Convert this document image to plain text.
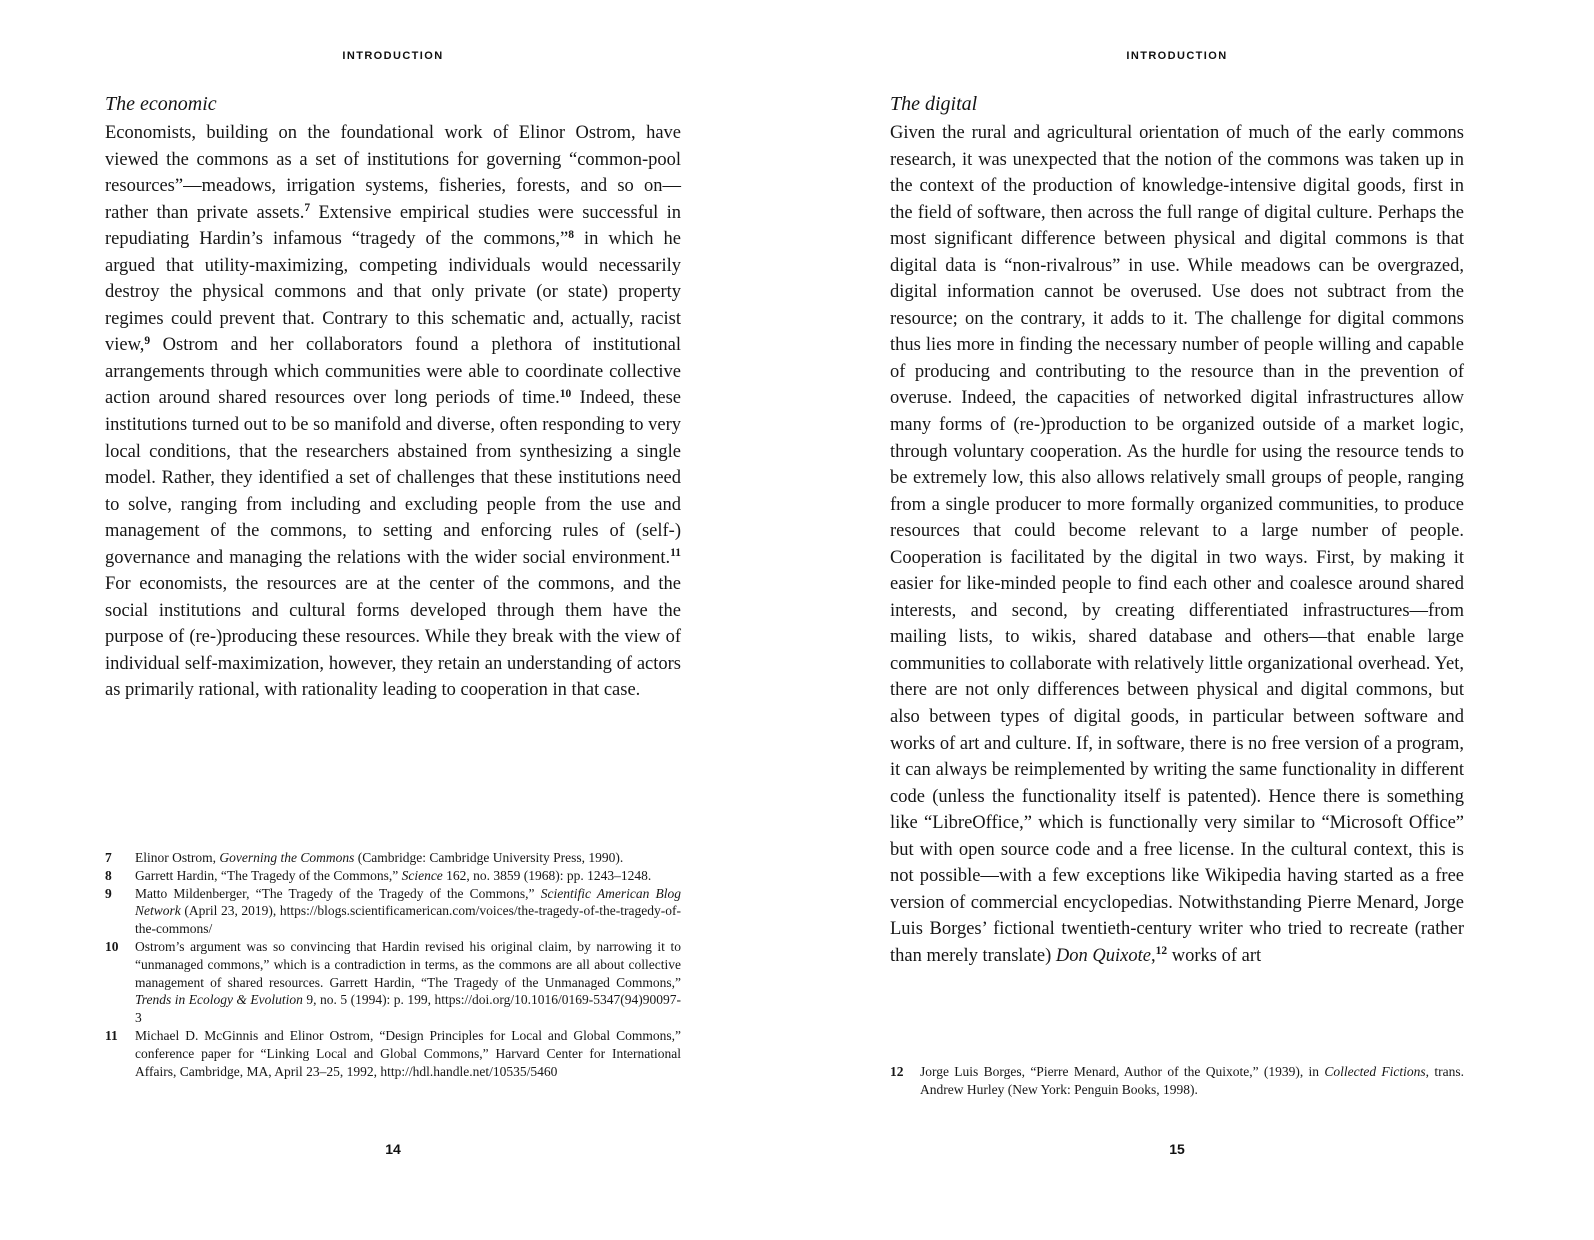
INTRODUCTION
The economic

Economists, building on the foundational work of Elinor Ostrom, have viewed the commons as a set of institutions for governing “common-pool resources”—meadows, irrigation systems, fisheries, forests, and so on—rather than private assets.$^7$ Extensive empirical studies were successful in repudiating Hardin’s infamous “tragedy of the commons,”$^8$ in which he argued that utility-maximizing, competing individuals would necessarily destroy the physical commons and that only private (or state) property regimes could prevent that. Contrary to this schematic and, actually, racist view,$^9$ Ostrom and her collaborators found a plethora of institutional arrangements through which communities were able to coordinate collective action around shared resources over long periods of time.$^{10}$ Indeed, these institutions turned out to be so manifold and diverse, often responding to very local conditions, that the researchers abstained from synthesizing a single model. Rather, they identified a set of challenges that these institutions need to solve, ranging from including and excluding people from the use and management of the commons, to setting and enforcing rules of (self-) governance and managing the relations with the wider social environment.$^{11}$ For economists, the resources are at the center of the commons, and the social institutions and cultural forms developed through them have the purpose of (re-)producing these resources. While they break with the view of individual self-maximization, however, they retain an understanding of actors as primarily rational, with rationality leading to cooperation in that case.

7	Elinor Ostrom, Governing the Commons (Cambridge: Cambridge University Press, 1990).
8	Garrett Hardin, “The Tragedy of the Commons,” Science 162, no. 3859 (1968): pp. 1243–1248.
9	Matto Mildenberger, “The Tragedy of the Tragedy of the Commons,” Scientific American Blog Network (April 23, 2019), https://blogs.scientificamerican.com/voices/the-tragedy-of-the-tragedy-of-the-commons/
10	Ostrom’s argument was so convincing that Hardin revised his original claim, by narrowing it to “unmanaged commons,” which is a contradiction in terms, as the commons are all about collective management of shared resources. Garrett Hardin, “The Tragedy of the Unmanaged Commons,” Trends in Ecology & Evolution 9, no. 5 (1994): p. 199, https://doi.org/10.1016/0169-5347(94)90097-3
11	Michael D. McGinnis and Elinor Ostrom, “Design Principles for Local and Global Commons,” conference paper for “Linking Local and Global Commons,” Harvard Center for International Affairs, Cambridge, MA, April 23–25, 1992, http://hdl.handle.net/10535/5460
14
INTRODUCTION
The digital

Given the rural and agricultural orientation of much of the early commons research, it was unexpected that the notion of the commons was taken up in the context of the production of knowledge-intensive digital goods, first in the field of software, then across the full range of digital culture. Perhaps the most significant difference between physical and digital commons is that digital data is “non-rivalrous” in use. While meadows can be overgrazed, digital information cannot be overused. Use does not subtract from the resource; on the contrary, it adds to it. The challenge for digital commons thus lies more in finding the necessary number of people willing and capable of producing and contributing to the resource than in the prevention of overuse. Indeed, the capacities of networked digital infrastructures allow many forms of (re-)production to be organized outside of a market logic, through voluntary cooperation. As the hurdle for using the resource tends to be extremely low, this also allows relatively small groups of people, ranging from a single producer to more formally organized communities, to produce resources that could become relevant to a large number of people. Cooperation is facilitated by the digital in two ways. First, by making it easier for like-minded people to find each other and coalesce around shared interests, and second, by creating differentiated infrastructures—from mailing lists, to wikis, shared database and others—that enable large communities to collaborate with relatively little organizational overhead. Yet, there are not only differences between physical and digital commons, but also between types of digital goods, in particular between software and works of art and culture. If, in software, there is no free version of a program, it can always be reimplemented by writing the same functionality in different code (unless the functionality itself is patented). Hence there is something like “LibreOffice,” which is functionally very similar to “Microsoft Office” but with open source code and a free license. In the cultural context, this is not possible—with a few exceptions like Wikipedia having started as a free version of commercial encyclopedias. Notwithstanding Pierre Menard, Jorge Luis Borges’ fictional twentieth-century writer who tried to recreate (rather than merely translate) Don Quixote,$^{12}$ works of art

12	Jorge Luis Borges, “Pierre Menard, Author of the Quixote,” (1939), in Collected Fictions, trans. Andrew Hurley (New York: Penguin Books, 1998).
15
